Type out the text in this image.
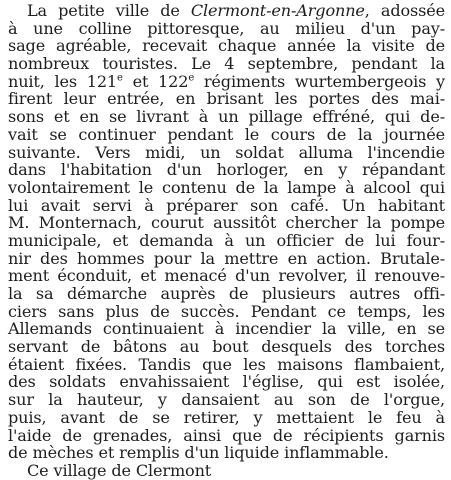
La petite ville de Clermont-en-Argonne, adossée
à une colline pittoresque, au milieu d'un pay-
sage agréable, recevait chaque année la visite de
nombreux touristes. Le 4 septembre, pendant la
nuit, les 121e et 122e régiments wurtembergeois y
firent leur entrée, en brisant les portes des mai-
sons et en se livrant à un pillage effréné, qui de-
vait se continuer pendant le cours de la journée
suivante. Vers midi, un soldat alluma l'incendie
dans l'habitation d'un horloger, en y répandant
volontairement le contenu de la lampe à alcool qui
lui avait servi à préparer son café. Un habitant
M. Monternach, courut aussitôt chercher la pompe
municipale, et demanda à un officier de lui four-
nir des hommes pour la mettre en action. Brutale-
ment éconduit, et menacé d'un revolver, il renouve-
la sa démarche auprès de plusieurs autres offi-
ciers sans plus de succès. Pendant ce temps, les
Allemands continuaient à incendier la ville, en se
servant de bâtons au bout desquels des torches
étaient fixées. Tandis que les maisons flambaient,
des soldats envahissaient l'église, qui est isolée,
sur la hauteur, y dansaient au son de l'orgue,
puis, avant de se retirer, y mettaient le feu à
l'aide de grenades, ainsi que de récipients garnis
de mèches et remplis d'un liquide inflammable.
Ce village de Clermont
